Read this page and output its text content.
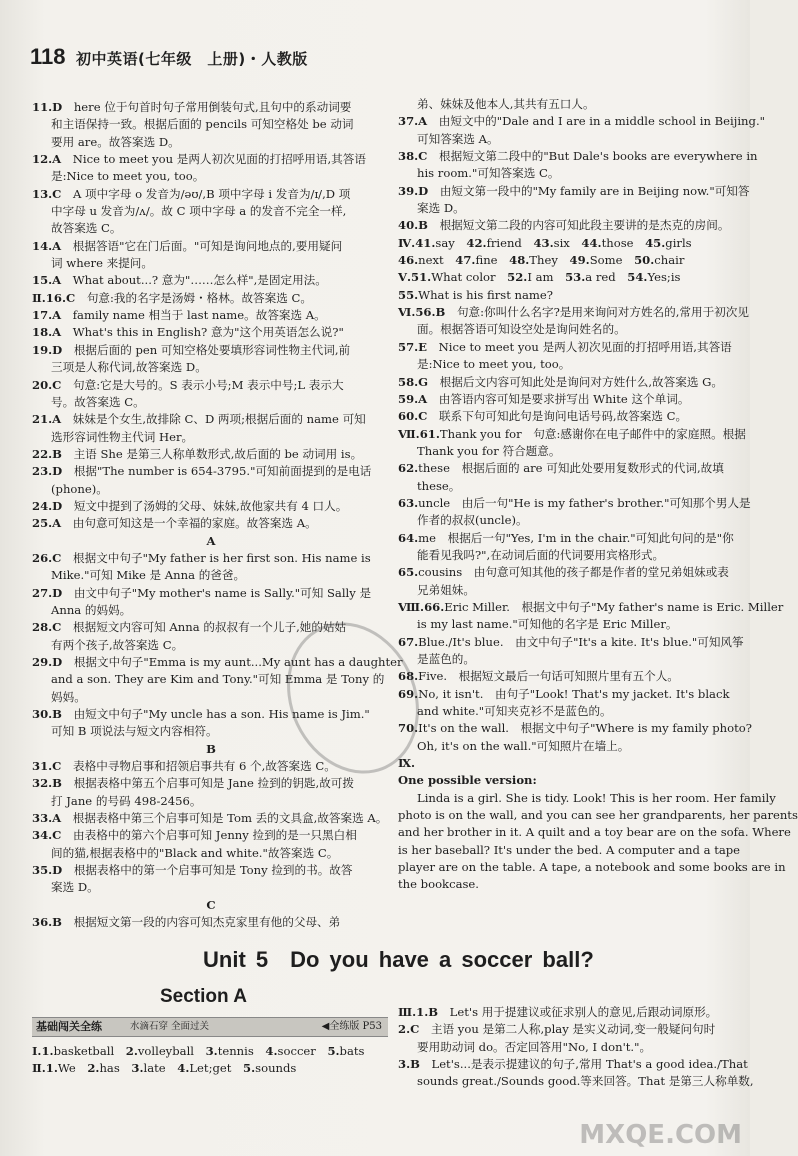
118 初中英语(七年级　上册)・人教版
11.D　here 位于句首时句子常用倒装句式,且句中的系动词要
和主语保持一致。根据后面的 pencils 可知空格处 be 动词
要用 are。故答案选 D。
12.A　Nice to meet you 是两人初次见面的打招呼用语,其答语
是:Nice to meet you, too。
13.C　A 项中字母 o 发音为/əʊ/,B 项中字母 i 发音为/ɪ/,D 项
中字母 u 发音为/ʌ/。故 C 项中字母 a 的发音不完全一样,
故答案选 C。
14.A　根据答语"它在门后面。"可知是询问地点的,要用疑问
词 where 来提问。
15.A　What about...? 意为"……怎么样",是固定用法。
Ⅱ.16.C　句意:我的名字是汤姆・格林。故答案选 C。
17.A　family name 相当于 last name。故答案选 A。
18.A　What's this in English? 意为"这个用英语怎么说?"
19.D　根据后面的 pen 可知空格处要填形容词性物主代词,前
三项是人称代词,故答案选 D。
20.C　句意:它是大号的。S 表示小号;M 表示中号;L 表示大
号。故答案选 C。
21.A　妹妹是个女生,故排除 C、D 两项;根据后面的 name 可知
选形容词性物主代词 Her。
22.B　主语 She 是第三人称单数形式,故后面的 be 动词用 is。
23.D　根据"The number is 654-3795."可知前面提到的是电话
(phone)。
24.D　短文中提到了汤姆的父母、妹妹,故他家共有 4 口人。
25.A　由句意可知这是一个幸福的家庭。故答案选 A。
A
26.C　根据文中句子"My father is her first son. His name is
Mike."可知 Mike 是 Anna 的爸爸。
27.D　由文中句子"My mother's name is Sally."可知 Sally 是
Anna 的妈妈。
28.C　根据短文内容可知 Anna 的叔叔有一个儿子,她的姑姑
有两个孩子,故答案选 C。
29.D　根据文中句子"Emma is my aunt...My aunt has a daughter
and a son. They are Kim and Tony."可知 Emma 是 Tony 的
妈妈。
30.B　由短文中句子"My uncle has a son. His name is Jim."
可知 B 项说法与短文内容相符。
B
31.C　表格中寻物启事和招领启事共有 6 个,故答案选 C。
32.B　根据表格中第五个启事可知是 Jane 捡到的钥匙,故可拨
打 Jane 的号码 498-2456。
33.A　根据表格中第三个启事可知是 Tom 丢的文具盒,故答案选 A。
34.C　由表格中的第六个启事可知 Jenny 捡到的是一只黑白相
间的猫,根据表格中的"Black and white."故答案选 C。
35.D　根据表格中的第一个启事可知是 Tony 捡到的书。故答
案选 D。
C
36.B　根据短文第一段的内容可知杰克家里有他的父母、弟
弟、妹妹及他本人,其共有五口人。
37.A　由短文中的"Dale and I are in a middle school in Beijing."
可知答案选 A。
38.C　根据短文第二段中的"But Dale's books are everywhere in
his room."可知答案选 C。
39.D　由短文第一段中的"My family are in Beijing now."可知答
案选 D。
40.B　根据短文第二段的内容可知此段主要讲的是杰克的房间。
Ⅳ.41.say　42.friend　43.six　44.those　45.girls
46.next　47.fine　48.They　49.Some　50.chair
Ⅴ.51.What color　52.I am　53.a red　54.Yes;is
55.What is his first name?
Ⅵ.56.B　句意:你叫什么名字?是用来询问对方姓名的,常用于初次见
面。根据答语可知设空处是询问姓名的。
57.E　Nice to meet you 是两人初次见面的打招呼用语,其答语
是:Nice to meet you, too。
58.G　根据后文内容可知此处是询问对方姓什么,故答案选 G。
59.A　由答语内容可知是要求拼写出 White 这个单词。
60.C　联系下句可知此句是询问电话号码,故答案选 C。
Ⅶ.61.Thank you for　句意:感谢你在电子邮件中的家庭照。根据
Thank you for 符合题意。
62.these　根据后面的 are 可知此处要用复数形式的代词,故填
these。
63.uncle　由后一句"He is my father's brother."可知那个男人是
作者的叔叔(uncle)。
64.me　根据后一句"Yes, I'm in the chair."可知此句问的是"你
能看见我吗?",在动词后面的代词要用宾格形式。
65.cousins　由句意可知其他的孩子都是作者的堂兄弟姐妹或表
兄弟姐妹。
Ⅷ.66.Eric Miller.　根据文中句子"My father's name is Eric. Miller
is my last name."可知他的名字是 Eric Miller。
67.Blue./It's blue.　由文中句子"It's a kite. It's blue."可知风筝
是蓝色的。
68.Five.　根据短文最后一句话可知照片里有五个人。
69.No, it isn't.　由句子"Look! That's my jacket. It's black
and white."可知夹克衫不是蓝色的。
70.It's on the wall.　根据文中句子"Where is my family photo?
Oh, it's on the wall."可知照片在墙上。
Ⅸ.
One possible version:
Linda is a girl. She is tidy. Look! This is her room. Her family
photo is on the wall, and you can see her grandparents, her parents
and her brother in it. A quilt and a toy bear are on the sofa. Where
is her baseball? It's under the bed. A computer and a tape
player are on the table. A tape, a notebook and some books are in
the bookcase.
Unit 5　Do you have a soccer ball?
Section A
基础闯关全练	水滴石穿 全面过关	◀全练版 P53
Ⅰ.1.basketball　2.volleyball　3.tennis　4.soccer　5.bats
Ⅱ.1.We　2.has　3.late　4.Let;get　5.sounds
Ⅲ.1.B　Let's 用于提建议或征求别人的意见,后跟动词原形。
2.C　主语 you 是第二人称,play 是实义动词,变一般疑问句时
要用助动词 do。否定回答用"No, I don't."。
3.B　Let's...是表示提建议的句子,常用 That's a good idea./That
sounds great./Sounds good.等来回答。That 是第三人称单数,
MXQE.COM
